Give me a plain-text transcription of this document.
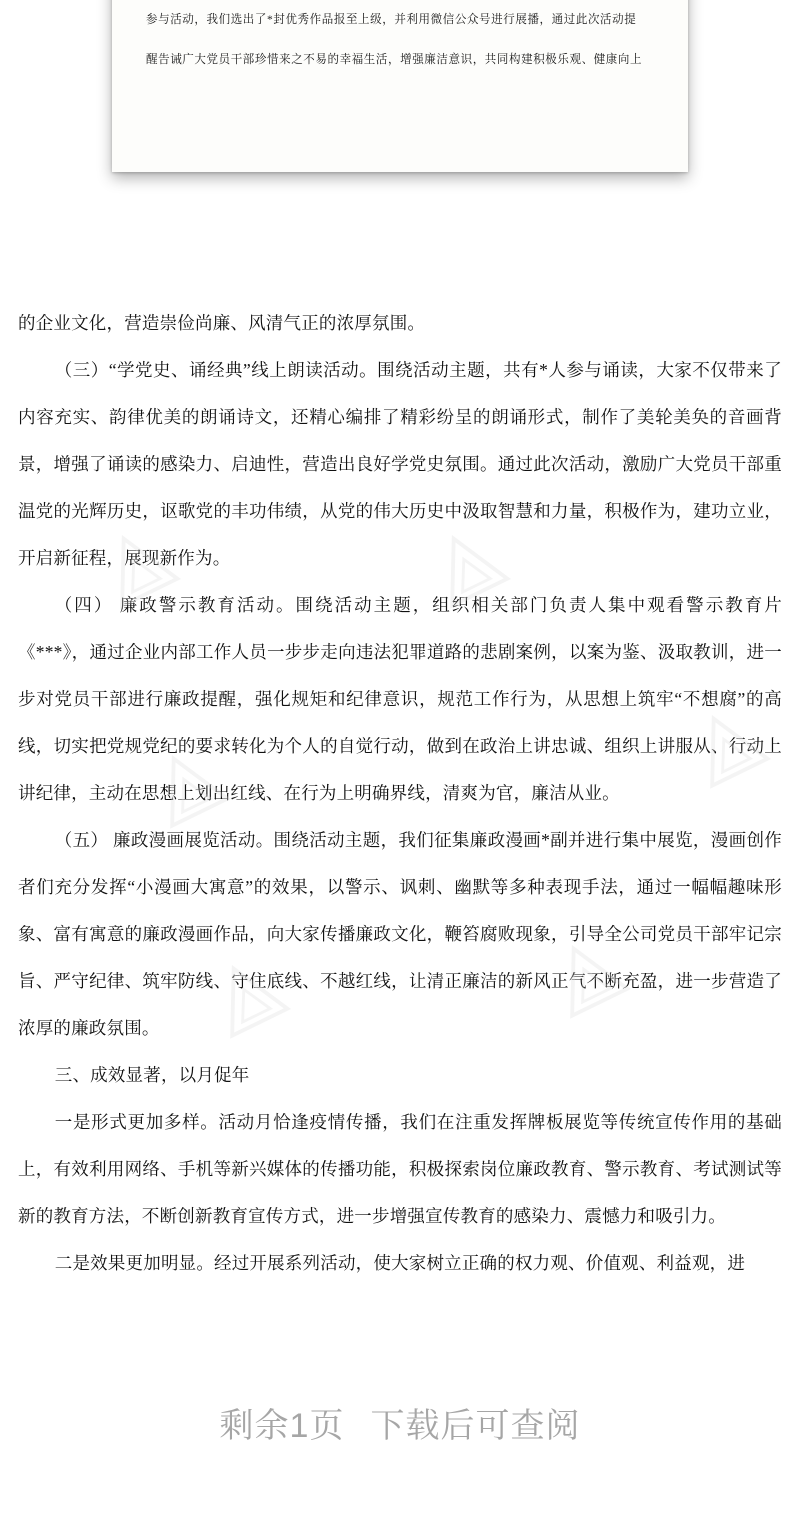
参与活动，我们选出了*封优秀作品报至上级，并利用微信公众号进行展播，通过此次活动提
醒告诫广大党员干部珍惜来之不易的幸福生活，增强廉洁意识，共同构建积极乐观、健康向上

的企业文化，营造崇俭尚廉、风清气正的浓厚氛围。

（三）“学党史、诵经典”线上朗读活动。围绕活动主题，共有*人参与诵读，大家不仅带来了内容充实、韵律优美的朗诵诗文，还精心编排了精彩纷呈的朗诵形式，制作了美轮美奂的音画背景，增强了诵读的感染力、启迪性，营造出良好学党史氛围。通过此次活动，激励广大党员干部重温党的光辉历史，讴歌党的丰功伟绩，从党的伟大历史中汲取智慧和力量，积极作为，建功立业，开启新征程，展现新作为。

（四） 廉政警示教育活动。围绕活动主题，组织相关部门负责人集中观看警示教育片《***》，通过企业内部工作人员一步步走向违法犯罪道路的悲剧案例，以案为鉴、汲取教训，进一步对党员干部进行廉政提醒，强化规矩和纪律意识，规范工作行为，从思想上筑牢“不想腐”的高线，切实把党规党纪的要求转化为个人的自觉行动，做到在政治上讲忠诚、组织上讲服从、行动上讲纪律，主动在思想上划出红线、在行为上明确界线，清爽为官，廉洁从业。

（五） 廉政漫画展览活动。围绕活动主题，我们征集廉政漫画*副并进行集中展览，漫画创作者们充分发挥“小漫画大寓意”的效果，以警示、讽刺、幽默等多种表现手法，通过一幅幅趣味形象、富有寓意的廉政漫画作品，向大家传播廉政文化，鞭笞腐败现象，引导全公司党员干部牢记宗旨、严守纪律、筑牢防线、守住底线、不越红线，让清正廉洁的新风正气不断充盈，进一步营造了浓厚的廉政氛围。

三、成效显著，以月促年

一是形式更加多样。活动月恰逢疫情传播，我们在注重发挥牌板展览等传统宣传作用的基础上，有效利用网络、手机等新兴媒体的传播功能，积极探索岗位廉政教育、警示教育、考试测试等新的教育方法，不断创新教育宣传方式，进一步增强宣传教育的感染力、震憾力和吸引力。

二是效果更加明显。经过开展系列活动，使大家树立正确的权力观、价值观、利益观，进

剩余1页 下载后可查阅
